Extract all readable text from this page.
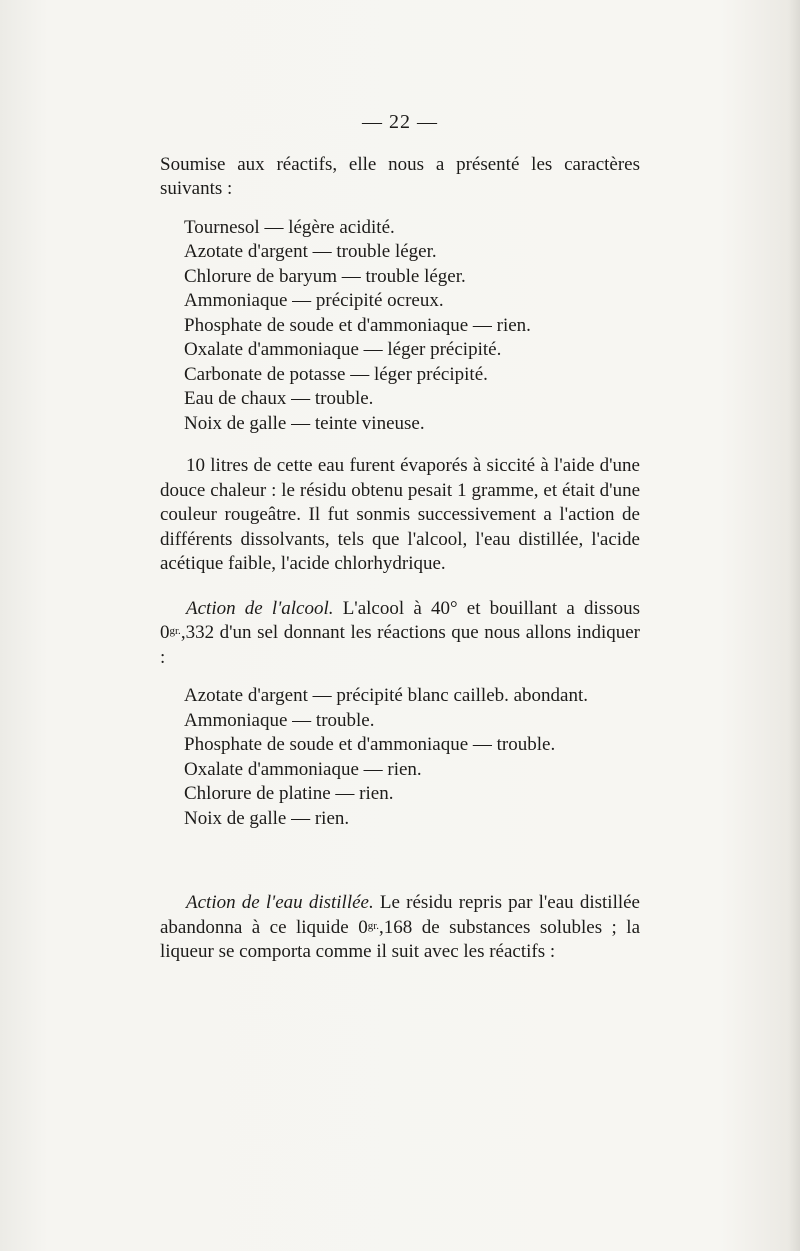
— 22 —

Soumise aux réactifs, elle nous a présenté les caractères suivants :

Tournesol — légère acidité.
Azotate d'argent — trouble léger.
Chlorure de baryum — trouble léger.
Ammoniaque — précipité ocreux.
Phosphate de soude et d'ammoniaque — rien.
Oxalate d'ammoniaque — léger précipité.
Carbonate de potasse — léger précipité.
Eau de chaux — trouble.
Noix de galle — teinte vineuse.

10 litres de cette eau furent évaporés à siccité à l'aide d'une douce chaleur : le résidu obtenu pesait 1 gramme, et était d'une couleur rougeâtre. Il fut sonmis successivement a l'action de différents dissolvants, tels que l'alcool, l'eau distillée, l'acide acétique faible, l'acide chlorhydrique.

Action de l'alcool. L'alcool à 40° et bouillant a dissous $0^{gr.},332$ d'un sel donnant les réactions que nous allons indiquer :

Azotate d'argent — précipité blanc cailleb. abondant.
Ammoniaque — trouble.
Phosphate de soude et d'ammoniaque — trouble.
Oxalate d'ammoniaque — rien.
Chlorure de platine — rien.
Noix de galle — rien.

Action de l'eau distillée. Le résidu repris par l'eau distillée abandonna à ce liquide $0^{gr.},168$ de substances solubles ; la liqueur se comporta comme il suit avec les réactifs :
